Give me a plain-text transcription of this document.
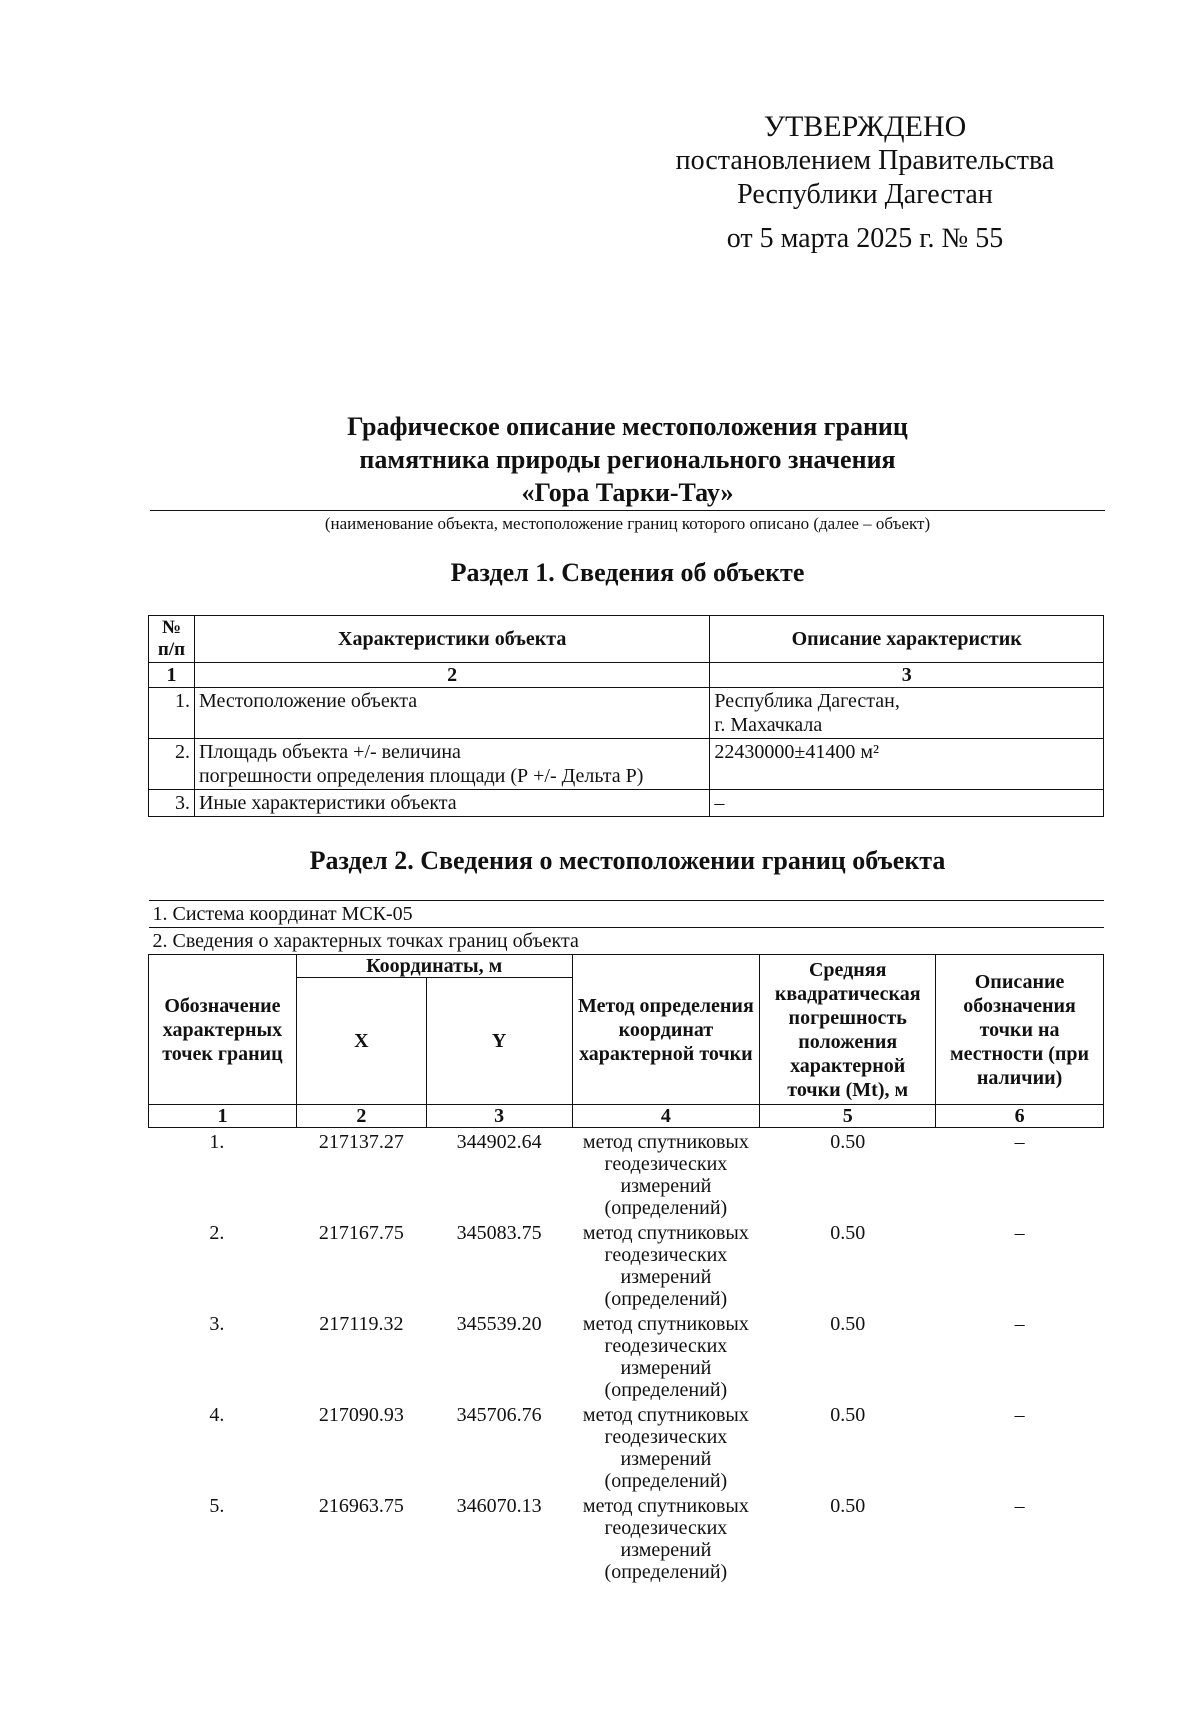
УТВЕРЖДЕНО
постановлением Правительства
Республики Дагестан
от 5 марта 2025 г. № 55
Графическое описание местоположения границ
памятника природы регионального значения
«Гора Тарки-Тау»
(наименование объекта, местоположение границ которого описано (далее – объект)
Раздел 1. Сведения об объекте
№ п/п	Характеристики объекта	Описание характеристик
1	2	3
1.	Местоположение объекта	Республика Дагестан,
г. Махачкала

2.	Площадь объекта +/- величина
погрешности определения площади (Р +/- Дельта Р)	22430000±41400 м²

3.	Иные характеристики объекта	–
Раздел 2. Сведения о местоположении границ объекта
1. Система координат МСК-05					
2. Сведения о характерных точках границ объекта					
Обозначение характерных точек границ	Координаты, м		Метод определения координат характерной точки	Средняя квадратическая погрешность положения характерной точки (Mt), м	Описание обозначения точки на местности (при наличии)
	X	Y			
1	2	3	4	5	6
1.	217137.27	344902.64	метод спутниковых геодезических измерений (определений)	0.50	–
2.	217167.75	345083.75	метод спутниковых геодезических измерений (определений)	0.50	–
3.	217119.32	345539.20	метод спутниковых геодезических измерений (определений)	0.50	–
4.	217090.93	345706.76	метод спутниковых геодезических измерений (определений)	0.50	–
5.	216963.75	346070.13	метод спутниковых геодезических измерений (определений)	0.50	–
